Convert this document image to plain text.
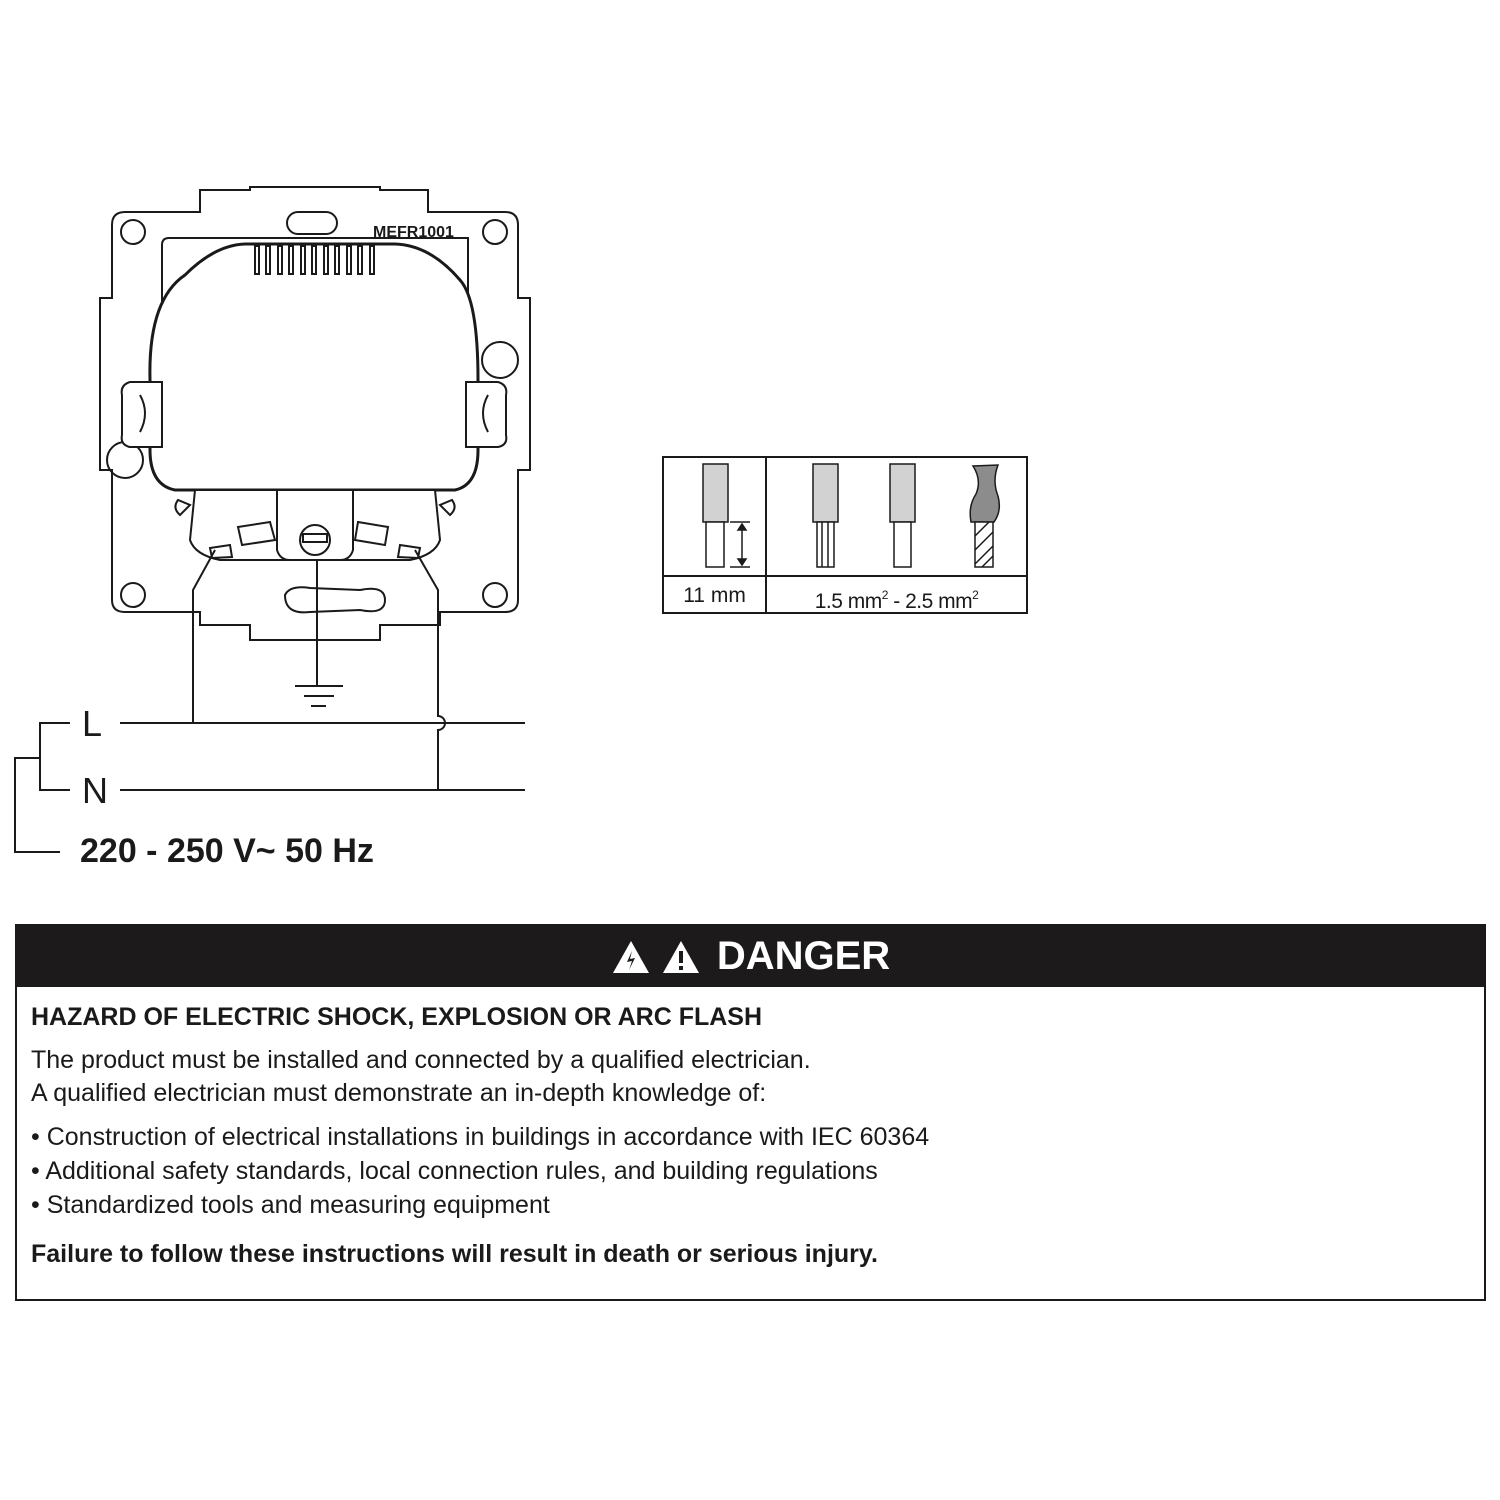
MEFR1001
L
N
220 - 250 V~ 50 Hz
11 mm	1.5 $mm^2 - 2.5$ $mm^2$
DANGER
HAZARD OF ELECTRIC SHOCK, EXPLOSION OR ARC FLASH
The product must be installed and connected by a qualified electrician.
A qualified electrician must demonstrate an in-depth knowledge of:
• Construction of electrical installations in buildings in accordance with IEC 60364
• Additional safety standards, local connection rules, and building regulations
• Standardized tools and measuring equipment
Failure to follow these instructions will result in death or serious injury.
